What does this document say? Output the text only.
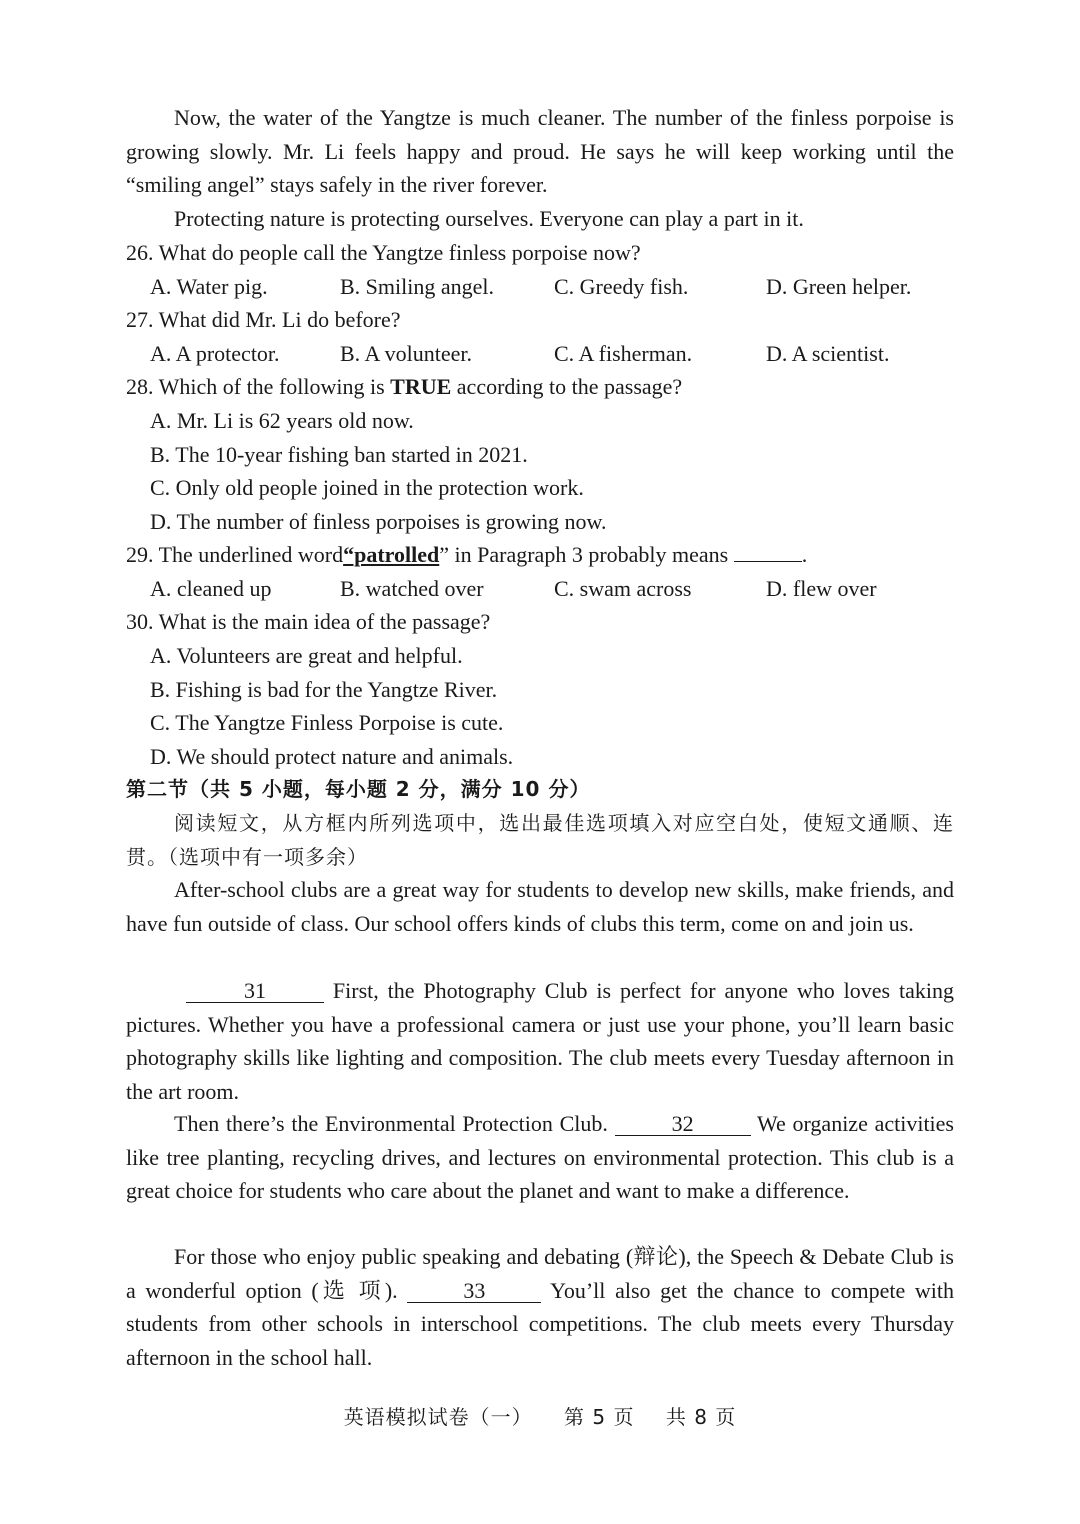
Now, the water of the Yangtze is much cleaner. The number of the finless porpoise is growing slowly. Mr. Li feels happy and proud. He says he will keep working until the “smiling angel” stays safely in the river forever.

Protecting nature is protecting ourselves. Everyone can play a part in it.

26. What do people call the Yangtze finless porpoise now?

A. Water pig.	B. Smiling angel.	C. Greedy fish.	D. Green helper.

27. What did Mr. Li do before?

A. A protector.	B. A volunteer.	C. A fisherman.	D. A scientist.

28. Which of the following is TRUE according to the passage?

A. Mr. Li is 62 years old now.

B. The 10-year fishing ban started in 2021.

C. Only old people joined in the protection work.

D. The number of finless porpoises is growing now.

29. The underlined word“patrolled” in Paragraph 3 probably means	.

A. cleaned up	B. watched over	C. swam across	D. flew over

30. What is the main idea of the passage?

A. Volunteers are great and helpful.

B. Fishing is bad for the Yangtze River.

C. The Yangtze Finless Porpoise is cute.

D. We should protect nature and animals.

第二节（共 5 小题，每小题 2 分，满分 10 分）

阅读短文，从方框内所列选项中，选出最佳选项填入对应空白处，使短文通顺、连贯。（选项中有一项多余）

After-school clubs are a great way for students to develop new skills, make friends, and have fun outside of class. Our school offers kinds of clubs this term, come on and join us.

31	First, the Photography Club is perfect for anyone who loves taking pictures. Whether you have a professional camera or just use your phone, you’ll learn basic photography skills like lighting and composition. The club meets every Tuesday afternoon in the art room.

Then there’s the Environmental Protection Club.	32	We organize activities like tree planting, recycling drives, and lectures on environmental protection. This club is a great choice for students who care about the planet and want to make a difference.

For those who enjoy public speaking and debating (辩论), the Speech & Debate Club is a wonderful option (选 项).	33	You’ll also get the chance to compete with students from other schools in interschool competitions. The club meets every Thursday afternoon in the school hall.

英语模拟试卷（一） 第 5 页 共 8 页
